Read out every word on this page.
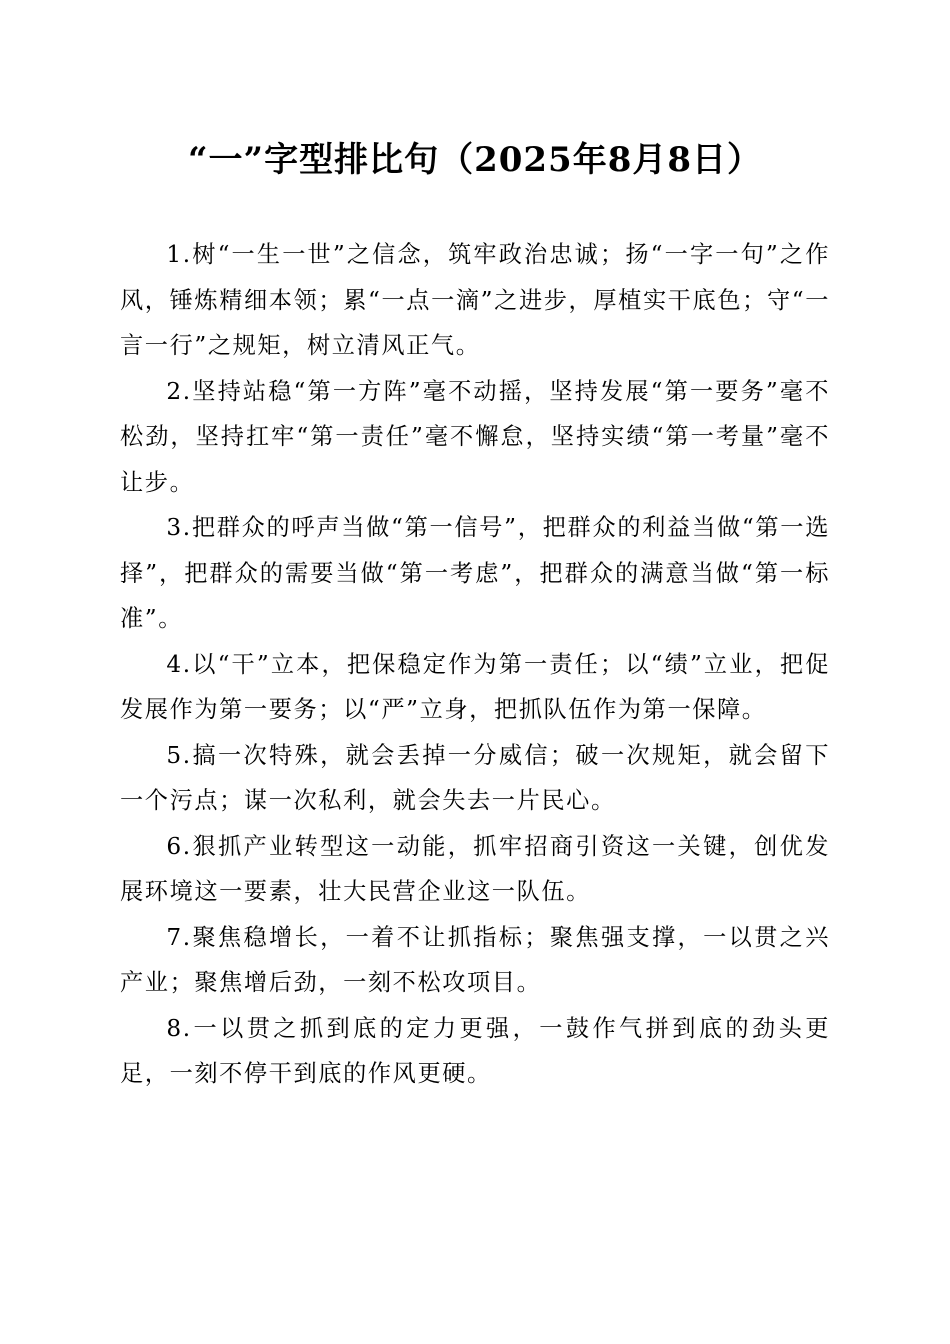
“一”字型排比句（2025年8月8日）

1.树“一生一世”之信念，筑牢政治忠诚；扬“一字一句”之作风，锤炼精细本领；累“一点一滴”之进步，厚植实干底色；守“一言一行”之规矩，树立清风正气。

2.坚持站稳“第一方阵”毫不动摇，坚持发展“第一要务”毫不松劲，坚持扛牢“第一责任”毫不懈怠，坚持实绩“第一考量”毫不让步。

3.把群众的呼声当做“第一信号”，把群众的利益当做“第一选择”，把群众的需要当做“第一考虑”，把群众的满意当做“第一标准”。

4.以“干”立本，把保稳定作为第一责任；以“绩”立业，把促发展作为第一要务；以“严”立身，把抓队伍作为第一保障。

5.搞一次特殊，就会丢掉一分威信；破一次规矩，就会留下一个污点；谋一次私利，就会失去一片民心。

6.狠抓产业转型这一动能，抓牢招商引资这一关键，创优发展环境这一要素，壮大民营企业这一队伍。

7.聚焦稳增长，一着不让抓指标；聚焦强支撑，一以贯之兴产业；聚焦增后劲，一刻不松攻项目。

8.一以贯之抓到底的定力更强，一鼓作气拼到底的劲头更足，一刻不停干到底的作风更硬。
